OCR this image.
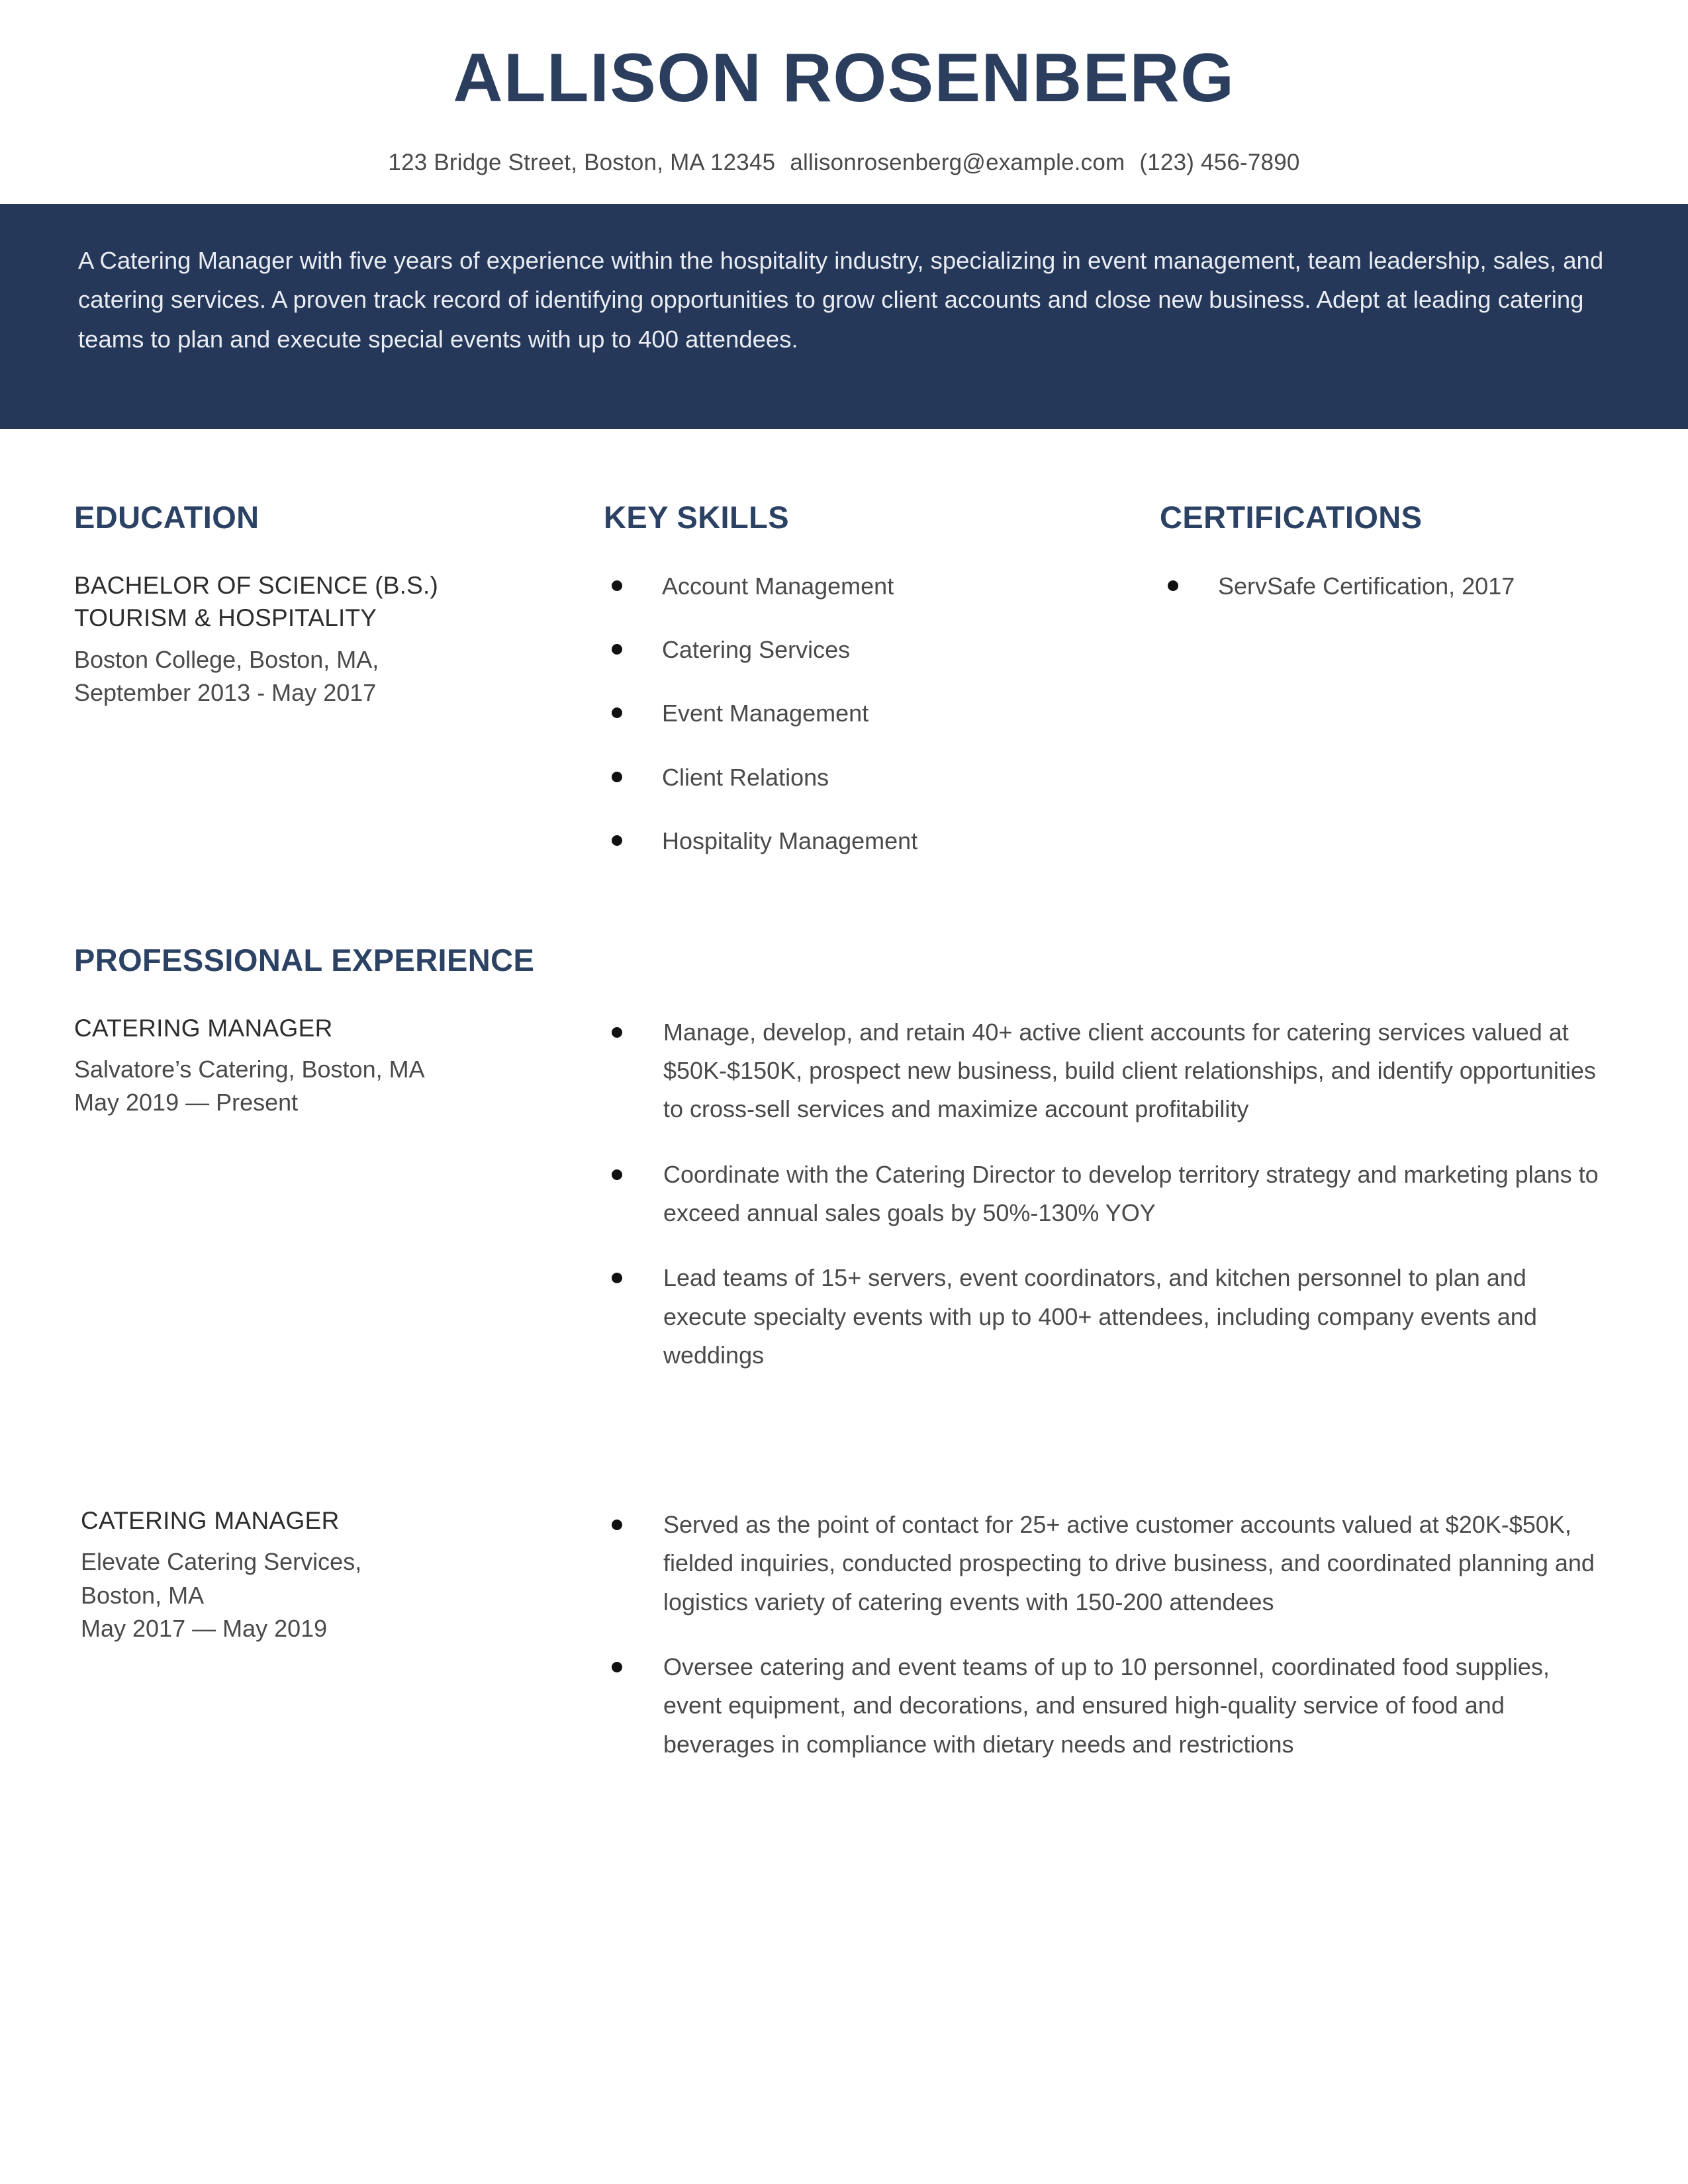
ALLISON ROSENBERG
123 Bridge Street, Boston, MA 12345 allisonrosenberg@example.com (123) 456-7890

A Catering Manager with five years of experience within the hospitality industry, specializing in event management, team leadership, sales, and catering services. A proven track record of identifying opportunities to grow client accounts and close new business. Adept at leading catering teams to plan and execute special events with up to 400 attendees.

EDUCATION

BACHELOR OF SCIENCE (B.S.)
TOURISM & HOSPITALITY

Boston College, Boston, MA,
September 2013 - May 2017

KEY SKILLS
Account Management
Catering Services
Event Management
Client Relations
Hospitality Management
CERTIFICATIONS
ServSafe Certification, 2017
PROFESSIONAL EXPERIENCE

CATERING MANAGER

Salvatore’s Catering, Boston, MA
May 2019 — Present

Manage, develop, and retain 40+ active client accounts for catering services valued at $50K-$150K, prospect new business, build client relationships, and identify opportunities to cross-sell services and maximize account profitability
Coordinate with the Catering Director to develop territory strategy and marketing plans to exceed annual sales goals by 50%-130% YOY
Lead teams of 15+ servers, event coordinators, and kitchen personnel to plan and execute specialty events with up to 400+ attendees, including company events and weddings

CATERING MANAGER

Elevate Catering Services,
Boston, MA
May 2017 — May 2019

Served as the point of contact for 25+ active customer accounts valued at $20K-$50K, fielded inquiries, conducted prospecting to drive business, and coordinated planning and logistics variety of catering events with 150-200 attendees
Oversee catering and event teams of up to 10 personnel, coordinated food supplies, event equipment, and decorations, and ensured high-quality service of food and beverages in compliance with dietary needs and restrictions
